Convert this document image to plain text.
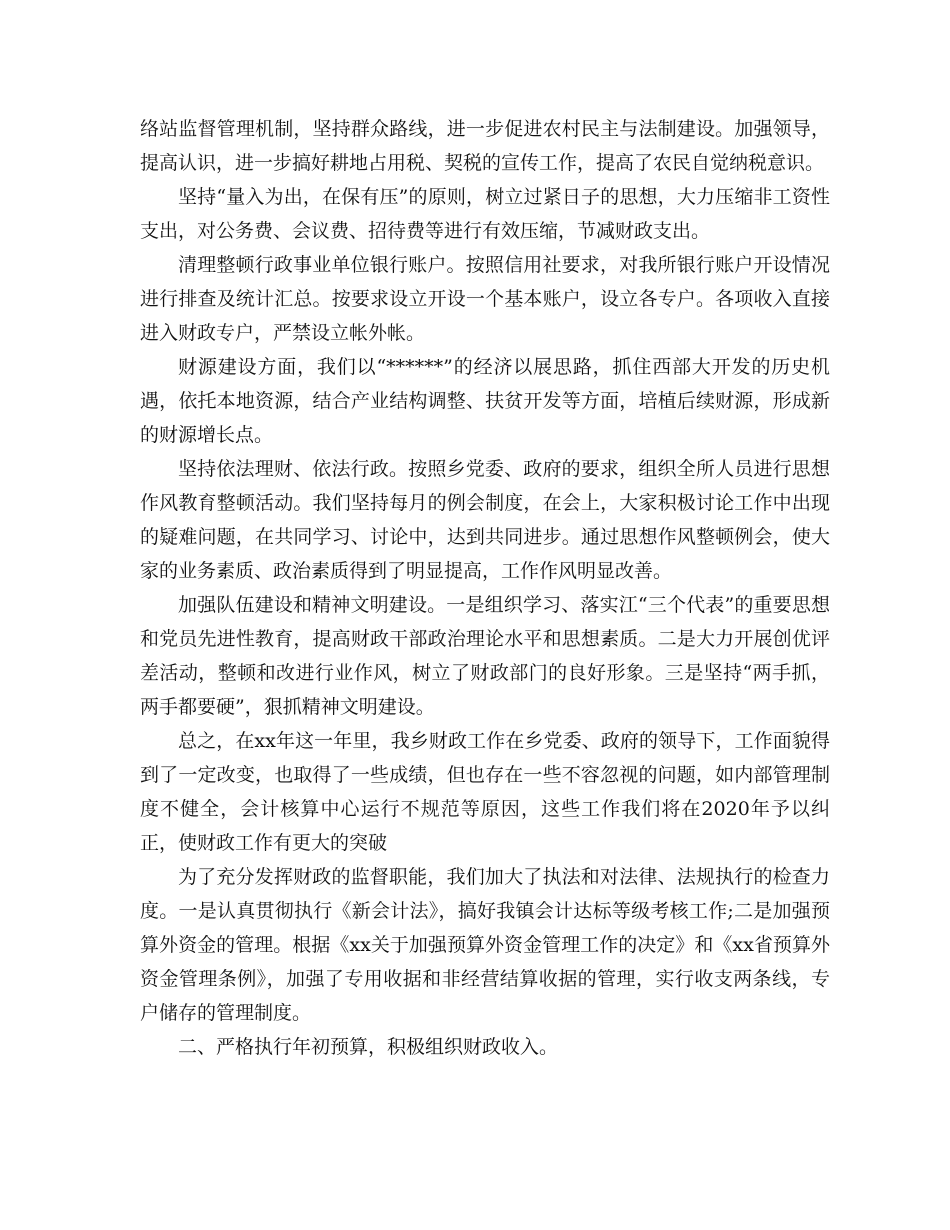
络站监督管理机制，坚持群众路线，进一步促进农村民主与法制建设。加强领导，提高认识，进一步搞好耕地占用税、契税的宣传工作，提高了农民自觉纳税意识。

坚持“量入为出，在保有压”的原则，树立过紧日子的思想，大力压缩非工资性支出，对公务费、会议费、招待费等进行有效压缩，节减财政支出。

清理整顿行政事业单位银行账户。按照信用社要求，对我所银行账户开设情况进行排查及统计汇总。按要求设立开设一个基本账户，设立各专户。各项收入直接进入财政专户，严禁设立帐外帐。

财源建设方面，我们以“******”的经济以展思路，抓住西部大开发的历史机遇，依托本地资源，结合产业结构调整、扶贫开发等方面，培植后续财源，形成新的财源增长点。

坚持依法理财、依法行政。按照乡党委、政府的要求，组织全所人员进行思想作风教育整顿活动。我们坚持每月的例会制度，在会上，大家积极讨论工作中出现的疑难问题，在共同学习、讨论中，达到共同进步。通过思想作风整顿例会，使大家的业务素质、政治素质得到了明显提高，工作作风明显改善。

加强队伍建设和精神文明建设。一是组织学习、落实江“三个代表”的重要思想和党员先进性教育，提高财政干部政治理论水平和思想素质。二是大力开展创优评差活动，整顿和改进行业作风，树立了财政部门的良好形象。三是坚持“两手抓，两手都要硬”，狠抓精神文明建设。

总之，在xx年这一年里，我乡财政工作在乡党委、政府的领导下，工作面貌得到了一定改变，也取得了一些成绩，但也存在一些不容忽视的问题，如内部管理制度不健全，会计核算中心运行不规范等原因，这些工作我们将在2020年予以纠正，使财政工作有更大的突破

为了充分发挥财政的监督职能，我们加大了执法和对法律、法规执行的检查力度。一是认真贯彻执行《新会计法》，搞好我镇会计达标等级考核工作;二是加强预算外资金的管理。根据《xx关于加强预算外资金管理工作的决定》和《xx省预算外资金管理条例》，加强了专用收据和非经营结算收据的管理，实行收支两条线，专户储存的管理制度。

二、严格执行年初预算，积极组织财政收入。
